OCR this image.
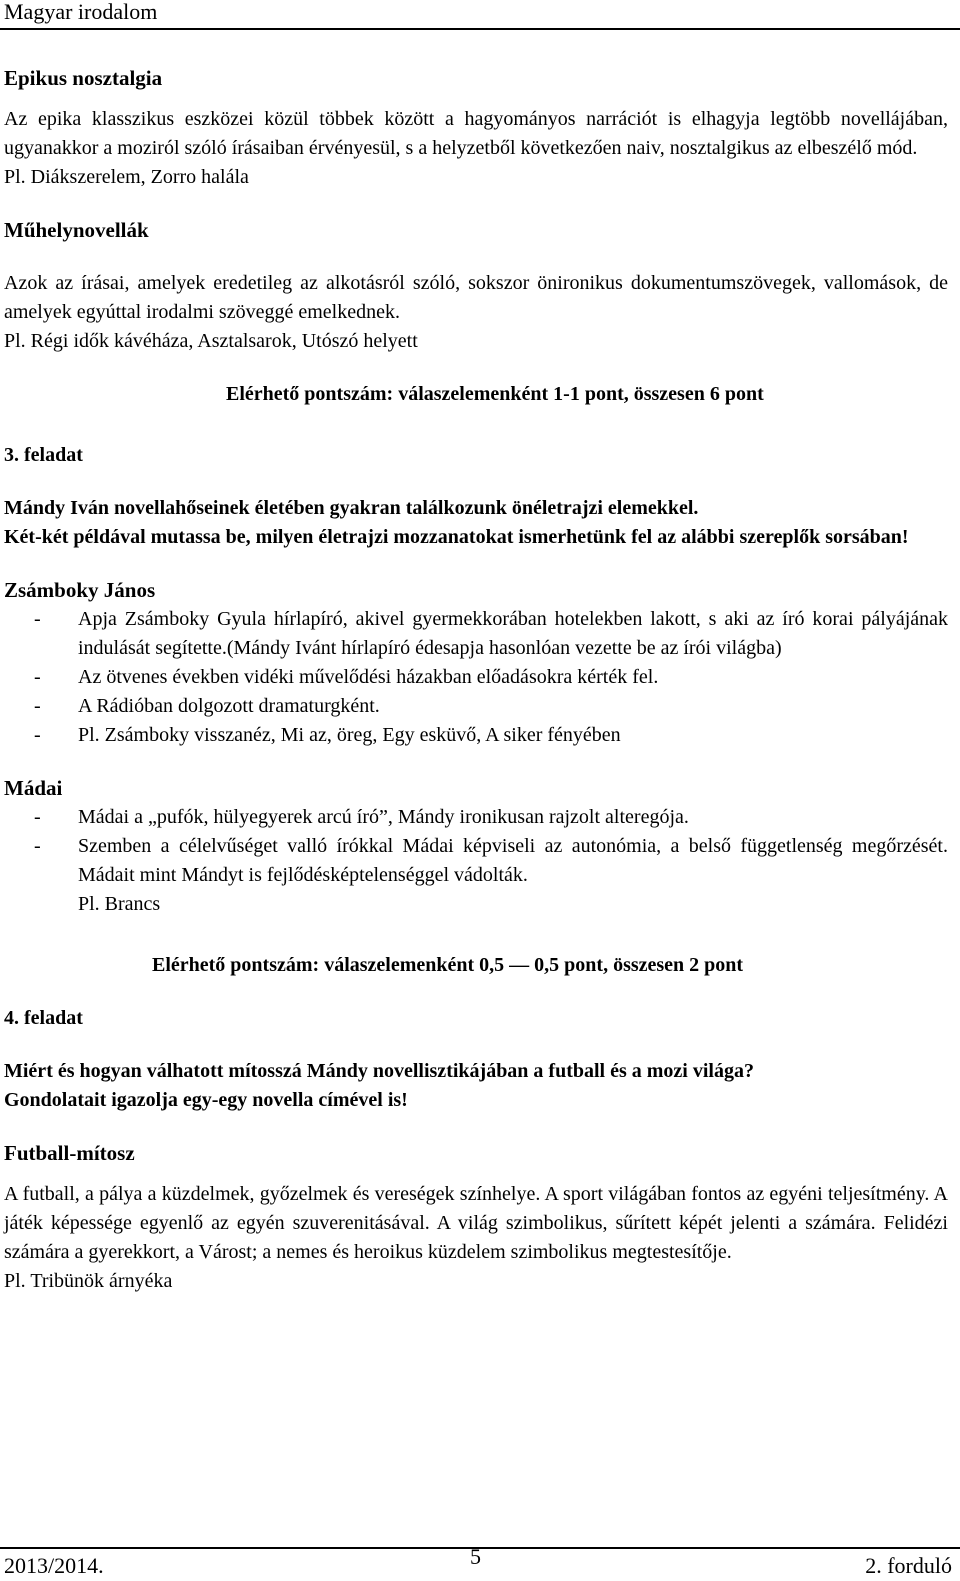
Magyar irodalom

Epikus nosztalgia

Az epika klasszikus eszközei közül többek között a hagyományos narrációt is elhagyja legtöbb novellájában, ugyanakkor a moziról szóló írásaiban érvényesül, s a helyzetből következően naiv, nosztalgikus az elbeszélő mód.

Pl. Diákszerelem, Zorro halála

Műhelynovellák

Azok az írásai, amelyek eredetileg az alkotásról szóló, sokszor önironikus dokumentumszövegek, vallomások, de amelyek egyúttal irodalmi szöveggé emelkednek.

Pl. Régi idők kávéháza, Asztalsarok, Utószó helyett

Elérhető pontszám: válaszelemenként 1-1 pont, összesen 6 pont

3. feladat

Mándy Iván novellahőseinek életében gyakran találkozunk önéletrajzi elemekkel.

Két-két példával mutassa be, milyen életrajzi mozzanatokat ismerhetünk fel az alábbi szereplők sorsában!

Zsámboky János

- Apja Zsámboky Gyula hírlapíró, akivel gyermekkorában hotelekben lakott, s aki az író korai pályájának indulását segítette.(Mándy Ivánt hírlapíró édesapja hasonlóan vezette be az írói világba)
- Az ötvenes években vidéki művelődési házakban előadásokra kérték fel.
- A Rádióban dolgozott dramaturgként.
- Pl. Zsámboky visszanéz, Mi az, öreg, Egy esküvő, A siker fényében

Mádai

- Mádai a „pufók, hülyegyerek arcú író”, Mándy ironikusan rajzolt alteregója.
- Szemben a célelvűséget valló írókkal Mádai képviseli az autonómia, a belső függetlenség megőrzését. Mádait mint Mándyt is fejlődésképtelenséggel vádolták.
Pl. Brancs

Elérhető pontszám: válaszelemenként 0,5 — 0,5 pont, összesen 2 pont

4. feladat

Miért és hogyan válhatott mítosszá Mándy novellisztikájában a futball és a mozi világa?

Gondolatait igazolja egy-egy novella címével is!

Futball-mítosz

A futball, a pálya a küzdelmek, győzelmek és vereségek színhelye. A sport világában fontos az egyéni teljesítmény. A játék képessége egyenlő az egyén szuverenitásával. A világ szimbolikus, sűrített képét jelenti a számára. Felidézi számára a gyerekkort, a Várost; a nemes és heroikus küzdelem szimbolikus megtestesítője.

Pl. Tribünök árnyéka

2013/2014.	5	2. forduló
